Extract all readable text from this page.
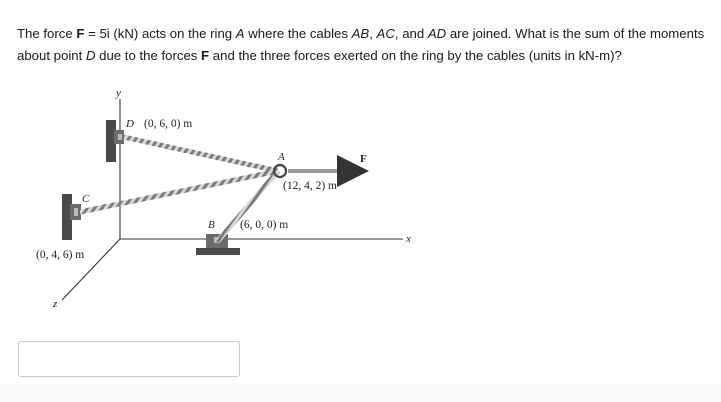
The force F = 5i (kN) acts on the ring A where the cables AB, AC, and AD are joined. What is the sum of the moments about point D due to the forces F and the three forces exerted on the ring by the cables (units in kN-m)?
y
x
z
D (0, 6, 0) m
A
(12, 4, 2) m
F
C
(0, 4, 6) m
B (6, 0, 0) m
